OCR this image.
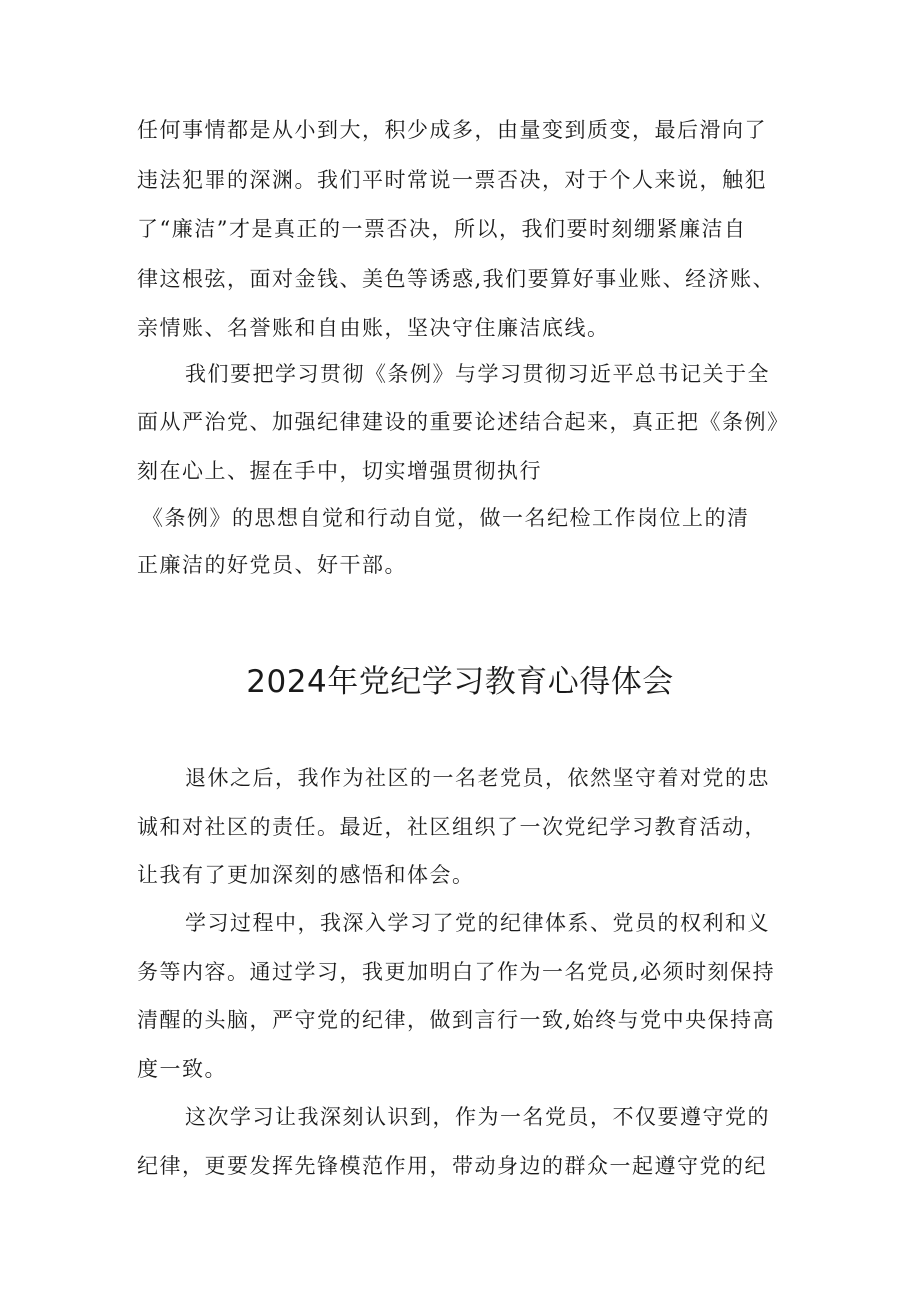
任何事情都是从小到大，积少成多，由量变到质变，最后滑向了
违法犯罪的深渊。我们平时常说一票否决，对于个人来说，触犯
了“廉洁”才是真正的一票否决，所以，我们要时刻绷紧廉洁自
律这根弦，面对金钱、美色等诱惑,我们要算好事业账、经济账、
亲情账、名誉账和自由账，坚决守住廉洁底线。
我们要把学习贯彻《条例》与学习贯彻习近平总书记关于全
面从严治党、加强纪律建设的重要论述结合起来，真正把《条例》
刻在心上、握在手中，切实增强贯彻执行
《条例》的思想自觉和行动自觉，做一名纪检工作岗位上的清
正廉洁的好党员、好干部。
2024年党纪学习教育心得体会
退休之后，我作为社区的一名老党员，依然坚守着对党的忠
诚和对社区的责任。最近，社区组织了一次党纪学习教育活动，
让我有了更加深刻的感悟和体会。
学习过程中，我深入学习了党的纪律体系、党员的权利和义
务等内容。通过学习，我更加明白了作为一名党员,必须时刻保持
清醒的头脑，严守党的纪律，做到言行一致,始终与党中央保持高
度一致。
这次学习让我深刻认识到，作为一名党员，不仅要遵守党的
纪律，更要发挥先锋模范作用，带动身边的群众一起遵守党的纪
